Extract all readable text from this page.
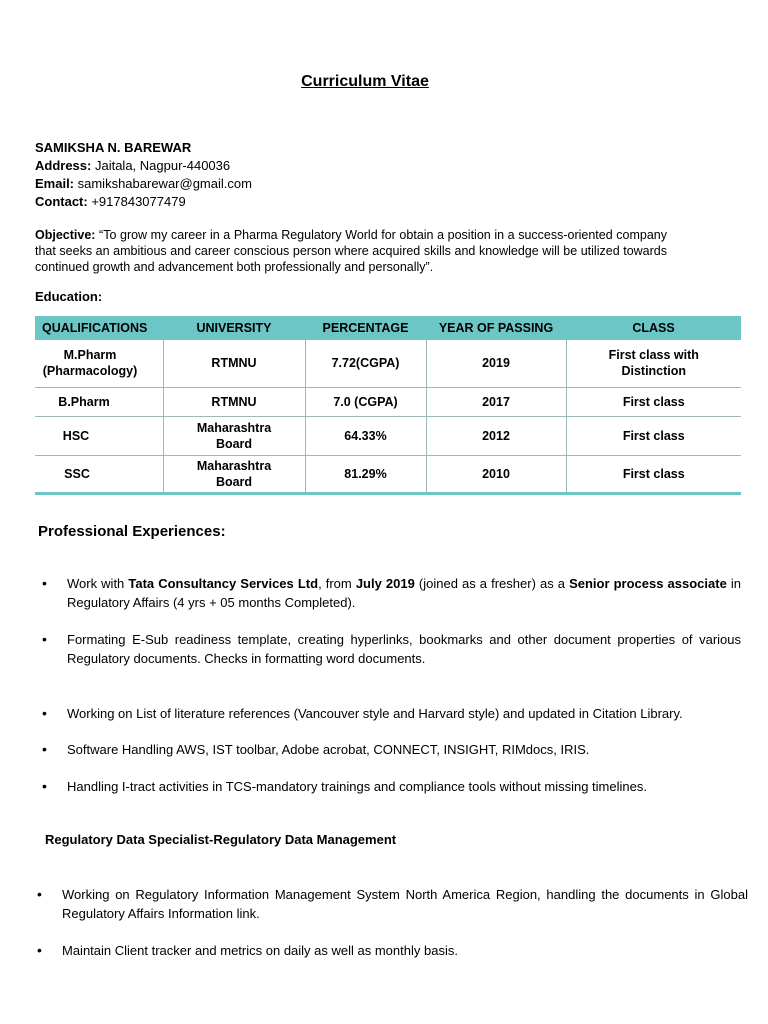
Curriculum Vitae
SAMIKSHA N. BAREWAR
Address: Jaitala, Nagpur-440036
Email: samikshabarewar@gmail.com
Contact: +917843077479
Objective: “To grow my career in a Pharma Regulatory World for obtain a position in a success-oriented company that seeks an ambitious and career conscious person where acquired skills and knowledge will be utilized towards continued growth and advancement both professionally and personally”.
Education:
QUALIFICATIONS	UNIVERSITY	PERCENTAGE	YEAR OF PASSING	CLASS

M.Pharm (Pharmacology)	RTMNU	7.72(CGPA)	2019	First class with Distinction

B.Pharm	RTMNU	7.0 (CGPA)	2017	First class

HSC	Maharashtra Board	64.33%	2012	First class

SSC	Maharashtra Board	81.29%	2010	First class
Professional Experiences:
• Work with Tata Consultancy Services Ltd, from July 2019 (joined as a fresher) as a Senior process associate in Regulatory Affairs (4 yrs + 05 months Completed).
• Formating E-Sub readiness template, creating hyperlinks, bookmarks and other document properties of various Regulatory documents. Checks in formatting word documents.
• Working on List of literature references (Vancouver style and Harvard style) and updated in Citation Library.
• Software Handling AWS, IST toolbar, Adobe acrobat, CONNECT, INSIGHT, RIMdocs, IRIS.
• Handling I-tract activities in TCS-mandatory trainings and compliance tools without missing timelines.
Regulatory Data Specialist-Regulatory Data Management
• Working on Regulatory Information Management System North America Region, handling the documents in Global Regulatory Affairs Information link.
• Maintain Client tracker and metrics on daily as well as monthly basis.
